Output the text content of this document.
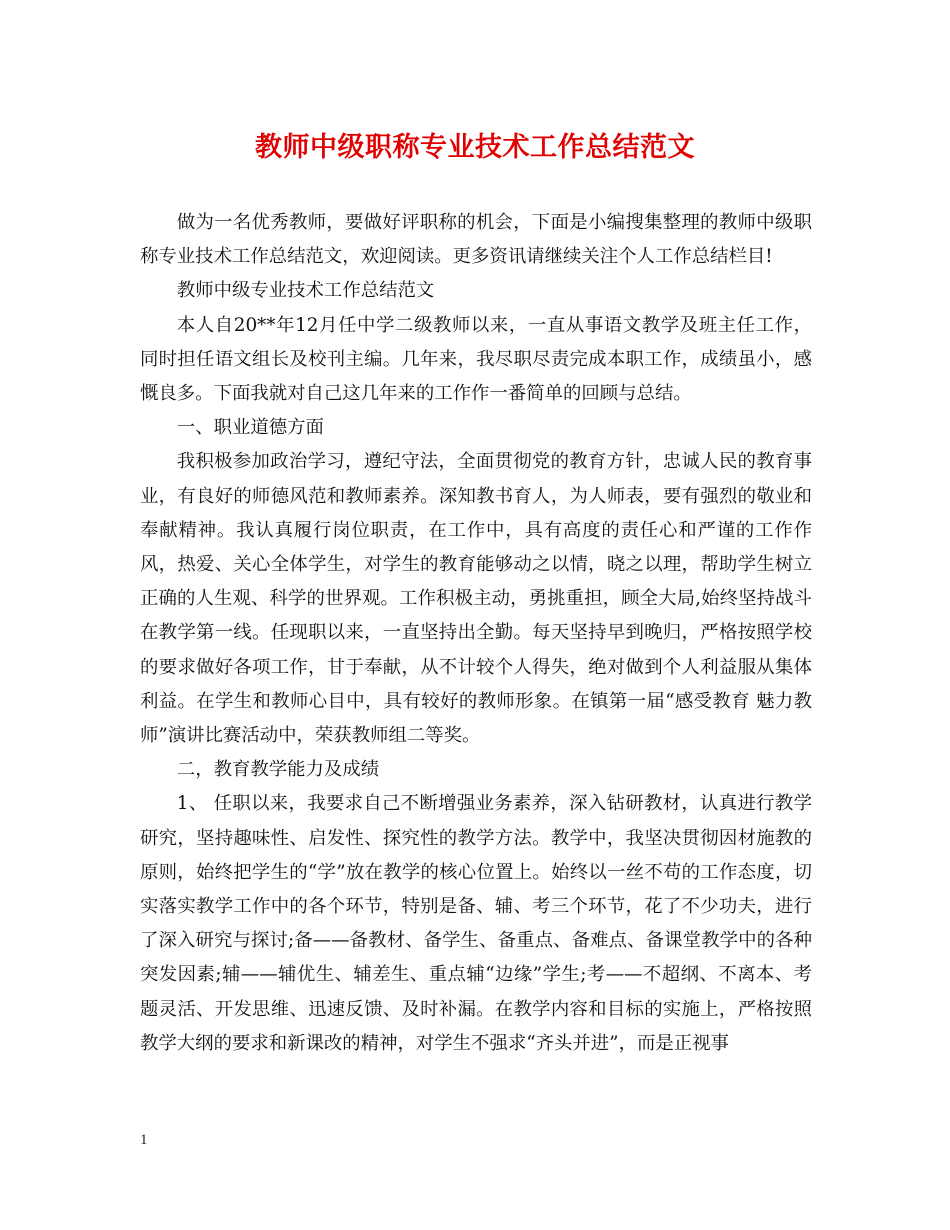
教师中级职称专业技术工作总结范文

做为一名优秀教师，要做好评职称的机会，下面是小编搜集整理的教师中级职称专业技术工作总结范文，欢迎阅读。更多资讯请继续关注个人工作总结栏目!

教师中级专业技术工作总结范文

本人自20**年12月任中学二级教师以来，一直从事语文教学及班主任工作，同时担任语文组长及校刊主编。几年来，我尽职尽责完成本职工作，成绩虽小，感慨良多。下面我就对自己这几年来的工作作一番简单的回顾与总结。

一、职业道德方面

我积极参加政治学习，遵纪守法，全面贯彻党的教育方针，忠诚人民的教育事业，有良好的师德风范和教师素养。深知教书育人，为人师表，要有强烈的敬业和奉献精神。我认真履行岗位职责，在工作中，具有高度的责任心和严谨的工作作风，热爱、关心全体学生，对学生的教育能够动之以情，晓之以理，帮助学生树立正确的人生观、科学的世界观。工作积极主动，勇挑重担，顾全大局,始终坚持战斗在教学第一线。任现职以来，一直坚持出全勤。每天坚持早到晚归，严格按照学校的要求做好各项工作，甘于奉献，从不计较个人得失，绝对做到个人利益服从集体利益。在学生和教师心目中，具有较好的教师形象。在镇第一届“感受教育 魅力教师”演讲比赛活动中，荣获教师组二等奖。

二，教育教学能力及成绩

1、 任职以来，我要求自己不断增强业务素养，深入钻研教材，认真进行教学研究，坚持趣味性、启发性、探究性的教学方法。教学中，我坚决贯彻因材施教的原则，始终把学生的“学”放在教学的核心位置上。始终以一丝不苟的工作态度，切实落实教学工作中的各个环节，特别是备、辅、考三个环节，花了不少功夫，进行了深入研究与探讨;备——备教材、备学生、备重点、备难点、备课堂教学中的各种突发因素;辅——辅优生、辅差生、重点辅“边缘”学生;考——不超纲、不离本、考题灵活、开发思维、迅速反馈、及时补漏。在教学内容和目标的实施上，严格按照教学大纲的要求和新课改的精神，对学生不强求“齐头并进”，而是正视事

1
